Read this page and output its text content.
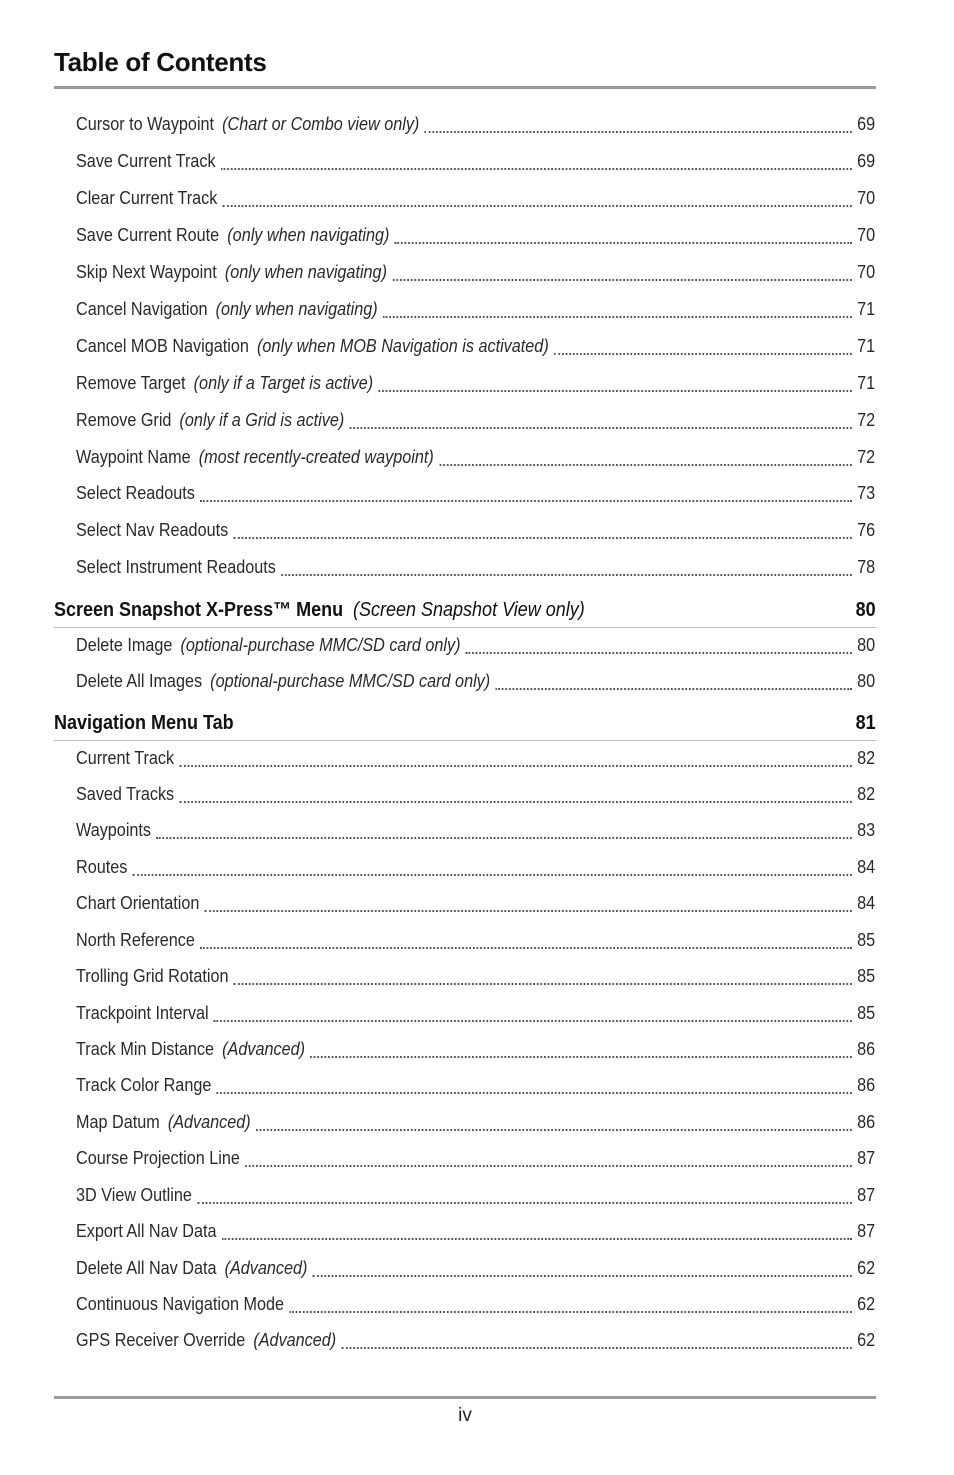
Table of Contents
Cursor to Waypoint (Chart or Combo view only)	69
Save Current Track	69
Clear Current Track	70
Save Current Route (only when navigating)	70
Skip Next Waypoint (only when navigating)	70
Cancel Navigation (only when navigating)	71
Cancel MOB Navigation (only when MOB Navigation is activated)	71
Remove Target (only if a Target is active)	71
Remove Grid (only if a Grid is active)	72
Waypoint Name (most recently-created waypoint)	72
Select Readouts	73
Select Nav Readouts	76
Select Instrument Readouts	78
Screen Snapshot X-Press™ Menu (Screen Snapshot View only)	80
Delete Image (optional-purchase MMC/SD card only)	80
Delete All Images (optional-purchase MMC/SD card only)	80
Navigation Menu Tab	81
Current Track	82
Saved Tracks	82
Waypoints	83
Routes	84
Chart Orientation	84
North Reference	85
Trolling Grid Rotation	85
Trackpoint Interval	85
Track Min Distance (Advanced)	86
Track Color Range	86
Map Datum (Advanced)	86
Course Projection Line	87
3D View Outline	87
Export All Nav Data	87
Delete All Nav Data (Advanced)	62
Continuous Navigation Mode	62
GPS Receiver Override (Advanced)	62
iv
